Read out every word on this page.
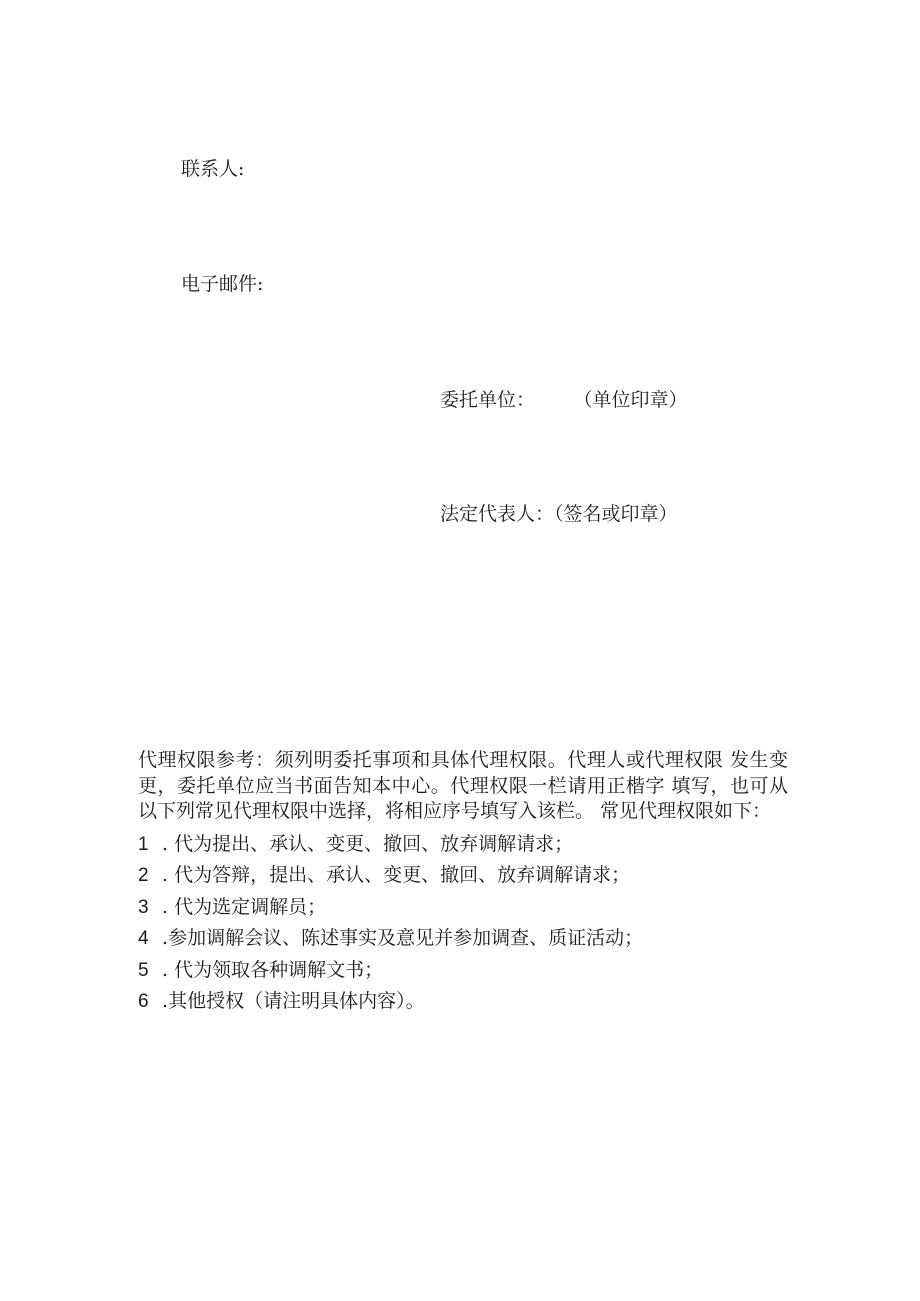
联系人:
电子邮件:
委托单位：	（单位印章）
法定代表人：（签名或印章）

代理权限参考：须列明委托事项和具体代理权限。代理人或代理权限 发生变更，委托单位应当书面告知本中心。代理权限一栏请用正楷字 填写，也可从以下列常见代理权限中选择，将相应序号填写入该栏。 常见代理权限如下：

1 . 代为提出、承认、变更、撤回、放弃调解请求；
2 . 代为答辩，提出、承认、变更、撤回、放弃调解请求；
3 . 代为选定调解员；
4 .参加调解会议、陈述事实及意见并参加调查、质证活动；
5 . 代为领取各种调解文书；
6 .其他授权（请注明具体内容）。
